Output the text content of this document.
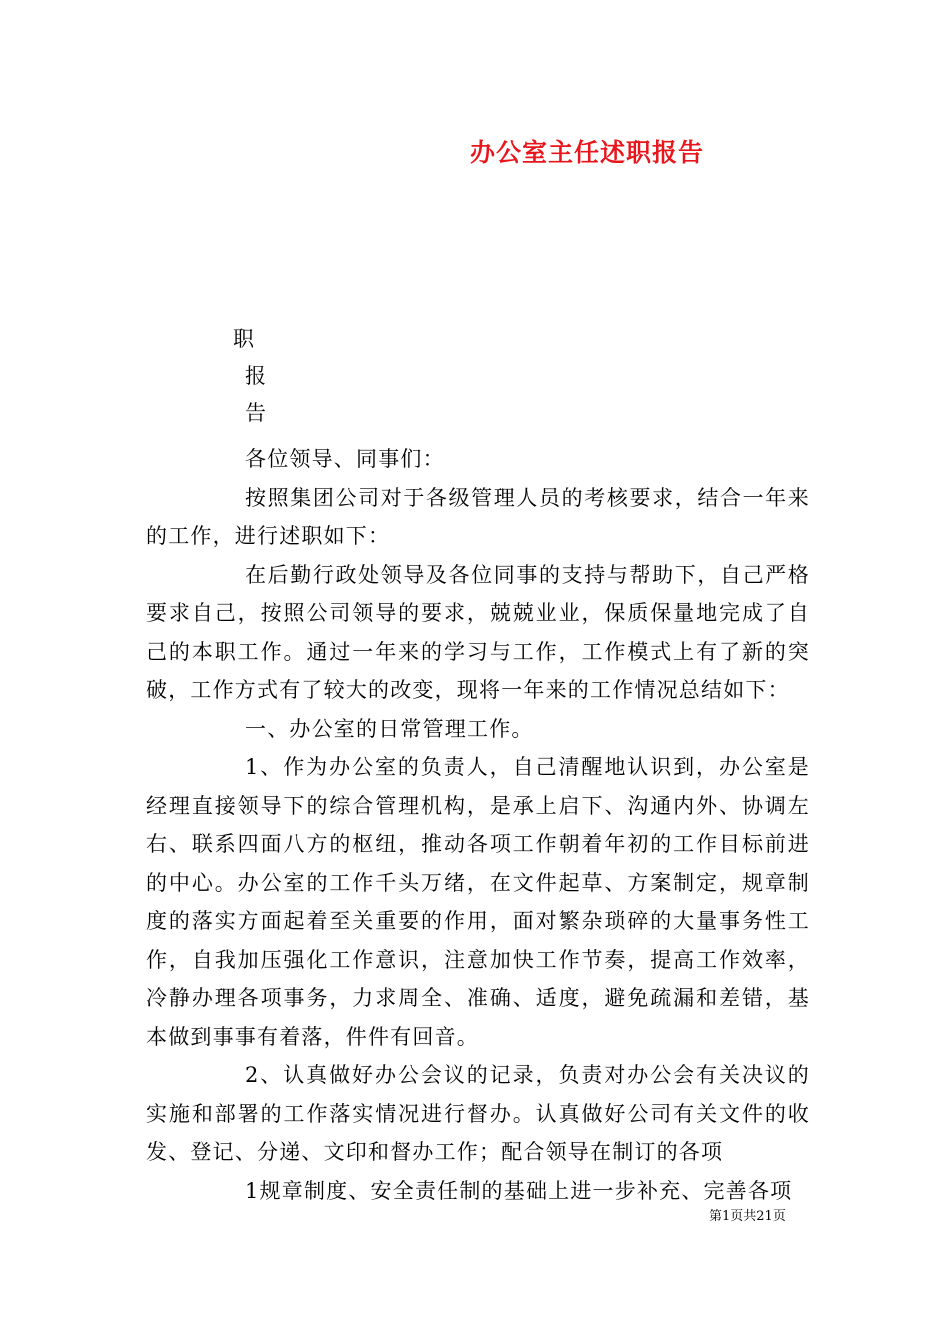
办公室主任述职报告
职
报
告

各位领导、同事们：

按照集团公司对于各级管理人员的考核要求，结合一年来的工作，进行述职如下：

在后勤行政处领导及各位同事的支持与帮助下，自己严格要求自己，按照公司领导的要求，兢兢业业，保质保量地完成了自己的本职工作。通过一年来的学习与工作，工作模式上有了新的突破，工作方式有了较大的改变，现将一年来的工作情况总结如下：

一、办公室的日常管理工作。

1、作为办公室的负责人，自己清醒地认识到，办公室是经理直接领导下的综合管理机构，是承上启下、沟通内外、协调左右、联系四面八方的枢纽，推动各项工作朝着年初的工作目标前进的中心。办公室的工作千头万绪，在文件起草、方案制定，规章制度的落实方面起着至关重要的作用，面对繁杂琐碎的大量事务性工作，自我加压强化工作意识，注意加快工作节奏，提高工作效率，冷静办理各项事务，力求周全、准确、适度，避免疏漏和差错，基本做到事事有着落，件件有回音。

2、认真做好办公会议的记录，负责对办公会有关决议的实施和部署的工作落实情况进行督办。认真做好公司有关文件的收发、登记、分递、文印和督办工作；配合领导在制订的各项

1规章制度、安全责任制的基础上进一步补充、完善各项

第1页共21页
